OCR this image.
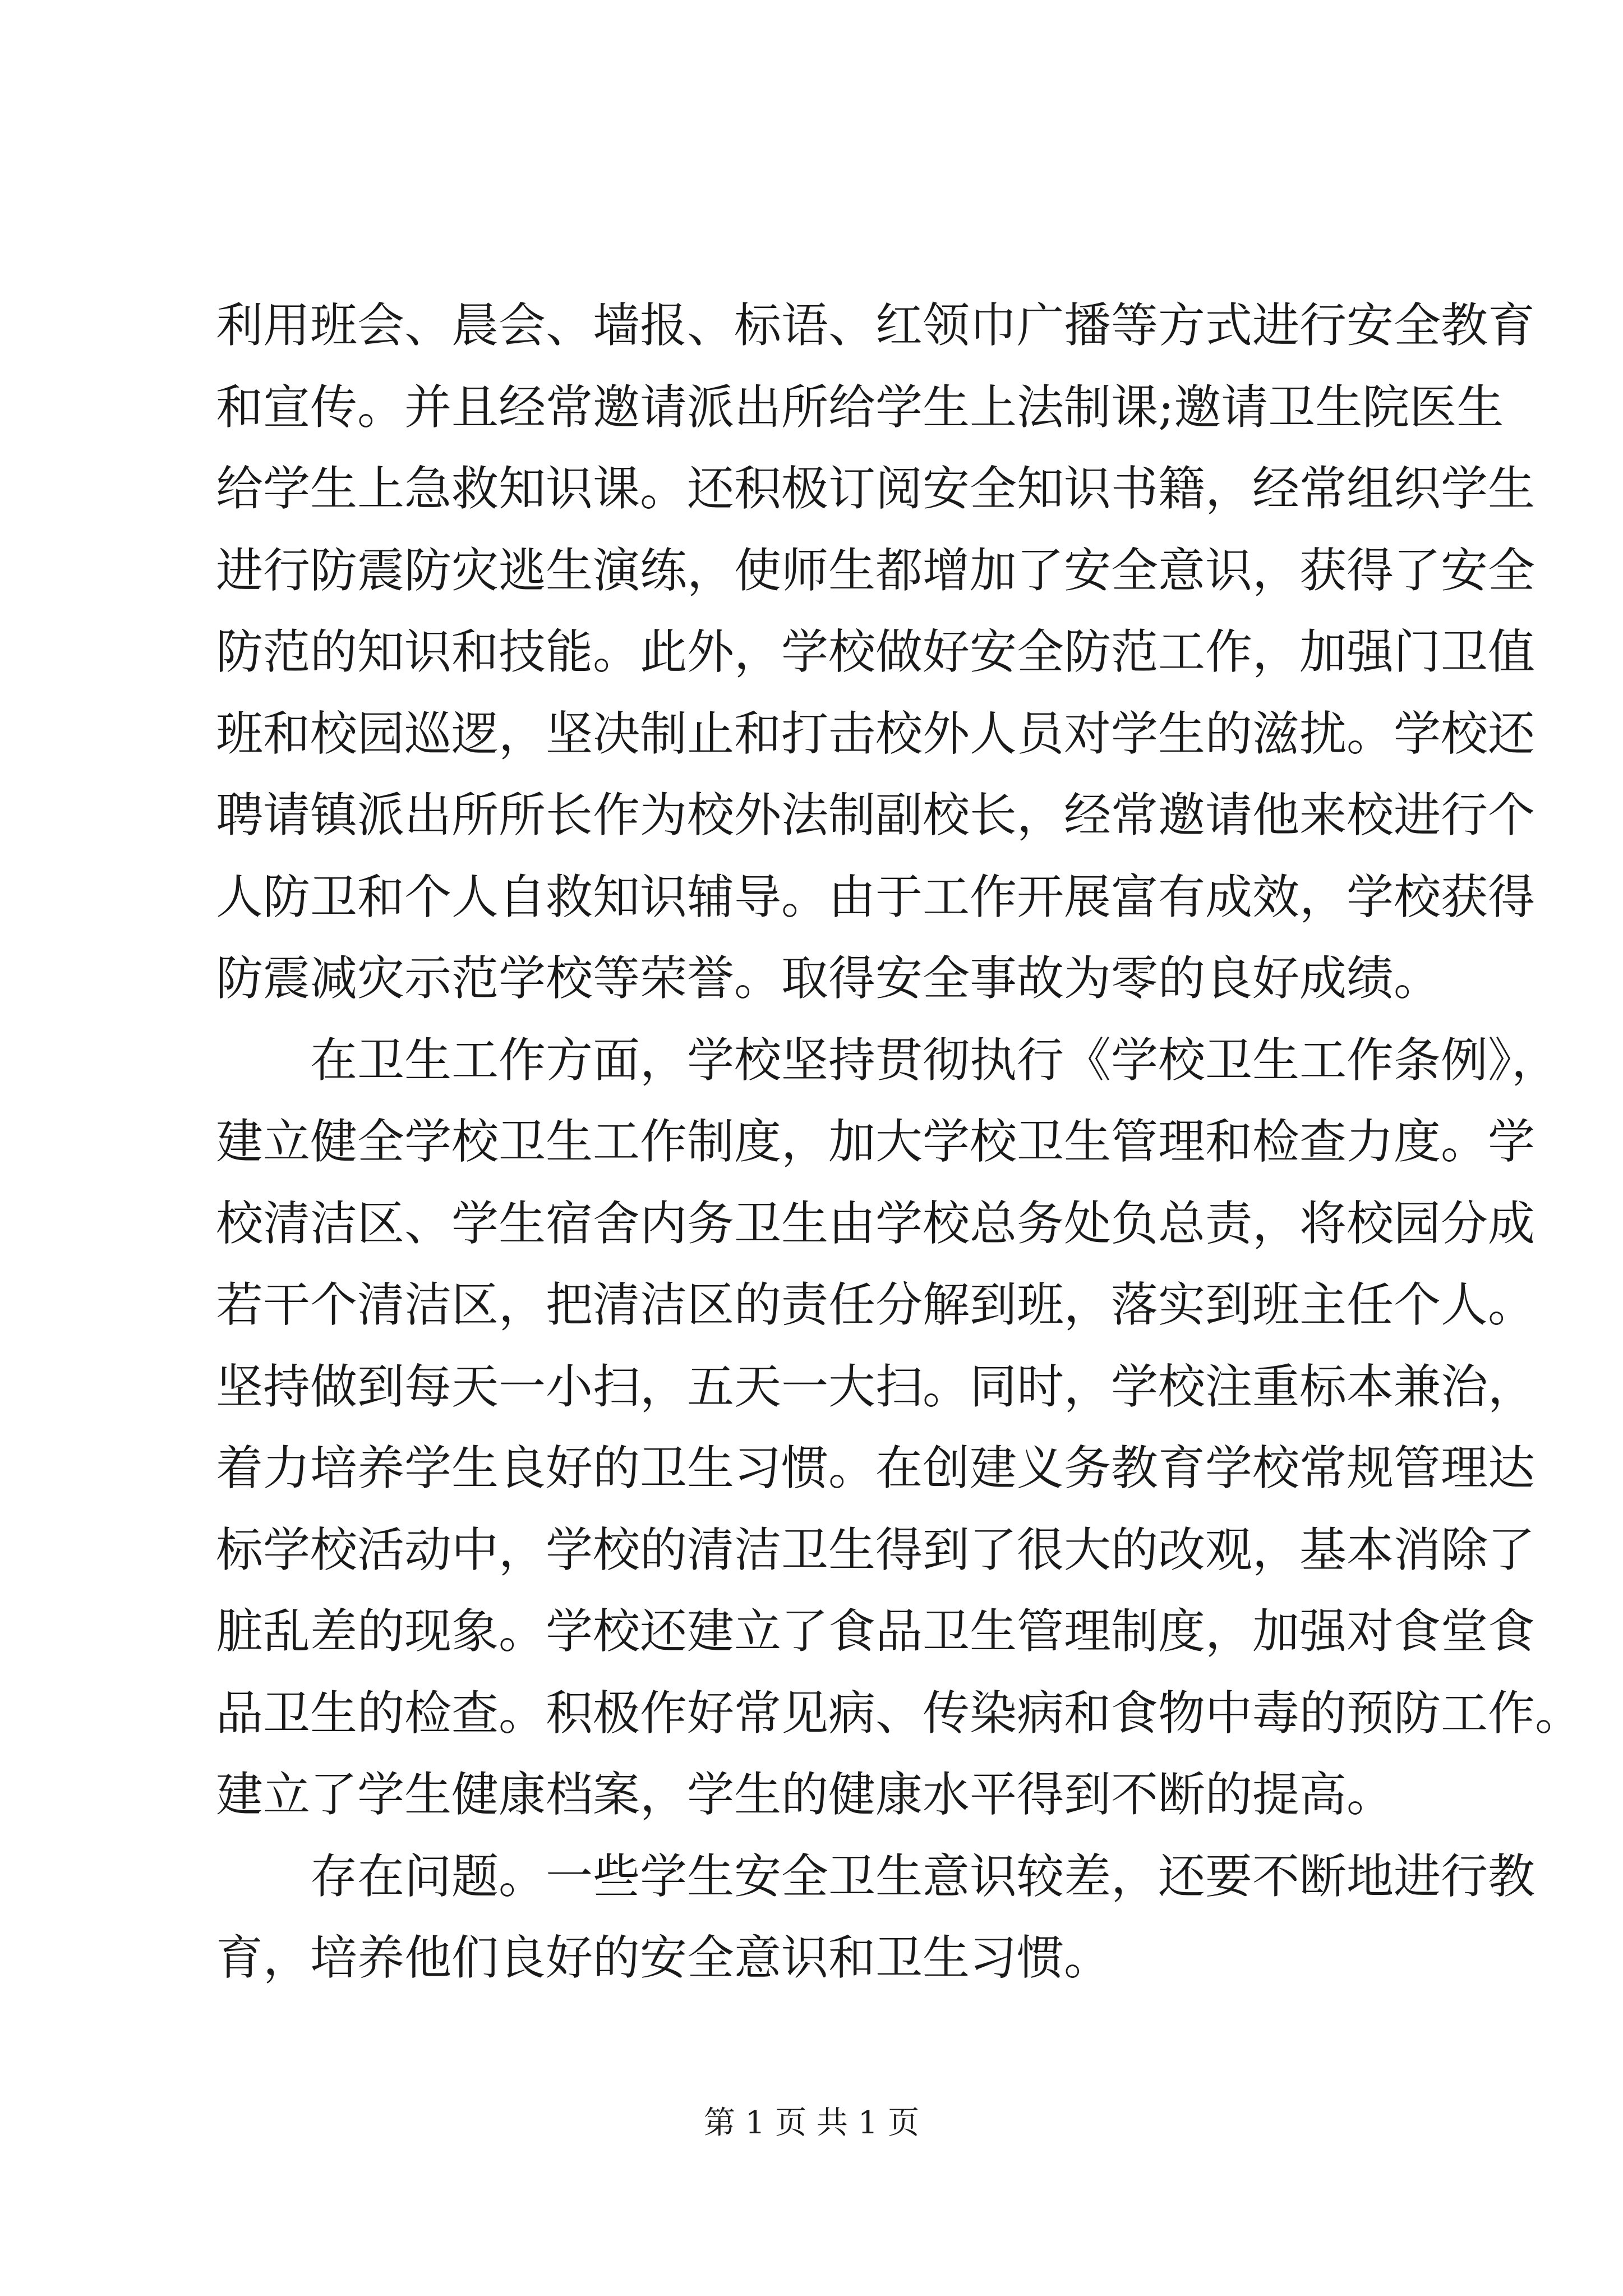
利用班会、晨会、墙报、标语、红领巾广播等方式进行安全教育
和宣传。并且经常邀请派出所给学生上法制课;邀请卫生院医生
给学生上急救知识课。还积极订阅安全知识书籍，经常组织学生
进行防震防灾逃生演练，使师生都增加了安全意识，获得了安全
防范的知识和技能。此外，学校做好安全防范工作，加强门卫值
班和校园巡逻，坚决制止和打击校外人员对学生的滋扰。学校还
聘请镇派出所所长作为校外法制副校长，经常邀请他来校进行个
人防卫和个人自救知识辅导。由于工作开展富有成效，学校获得
防震减灾示范学校等荣誉。取得安全事故为零的良好成绩。
在卫生工作方面，学校坚持贯彻执行《学校卫生工作条例》，
建立健全学校卫生工作制度，加大学校卫生管理和检查力度。学
校清洁区、学生宿舍内务卫生由学校总务处负总责，将校园分成
若干个清洁区，把清洁区的责任分解到班，落实到班主任个人。
坚持做到每天一小扫，五天一大扫。同时，学校注重标本兼治，
着力培养学生良好的卫生习惯。在创建义务教育学校常规管理达
标学校活动中，学校的清洁卫生得到了很大的改观，基本消除了
脏乱差的现象。学校还建立了食品卫生管理制度，加强对食堂食
品卫生的检查。积极作好常见病、传染病和食物中毒的预防工作。
建立了学生健康档案，学生的健康水平得到不断的提高。
存在问题。一些学生安全卫生意识较差，还要不断地进行教
育，培养他们良好的安全意识和卫生习惯。
第 1 页 共 1 页
